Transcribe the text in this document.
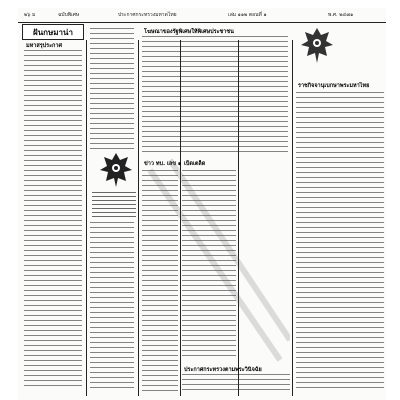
๒๖ ม	ฉบับพิเศษ	ประกาศกระทรวงมหาดไทย	เล่ม ๑๑๒ ตอนที่ ๑	พ.ศ. ๒๔๗๑
ฝันกษมาน่า
มหาสรุประกาศ
โฆษณาของรัฐพิเศษให้พิเศษประชาชน
ข่าว ทบ. เลข ๑ เบ็ดเตล็ด
ประกาศกระทรวงตามพระวินิจฉัย
ราชกิจจานุเบกษาพระมหาไทย
